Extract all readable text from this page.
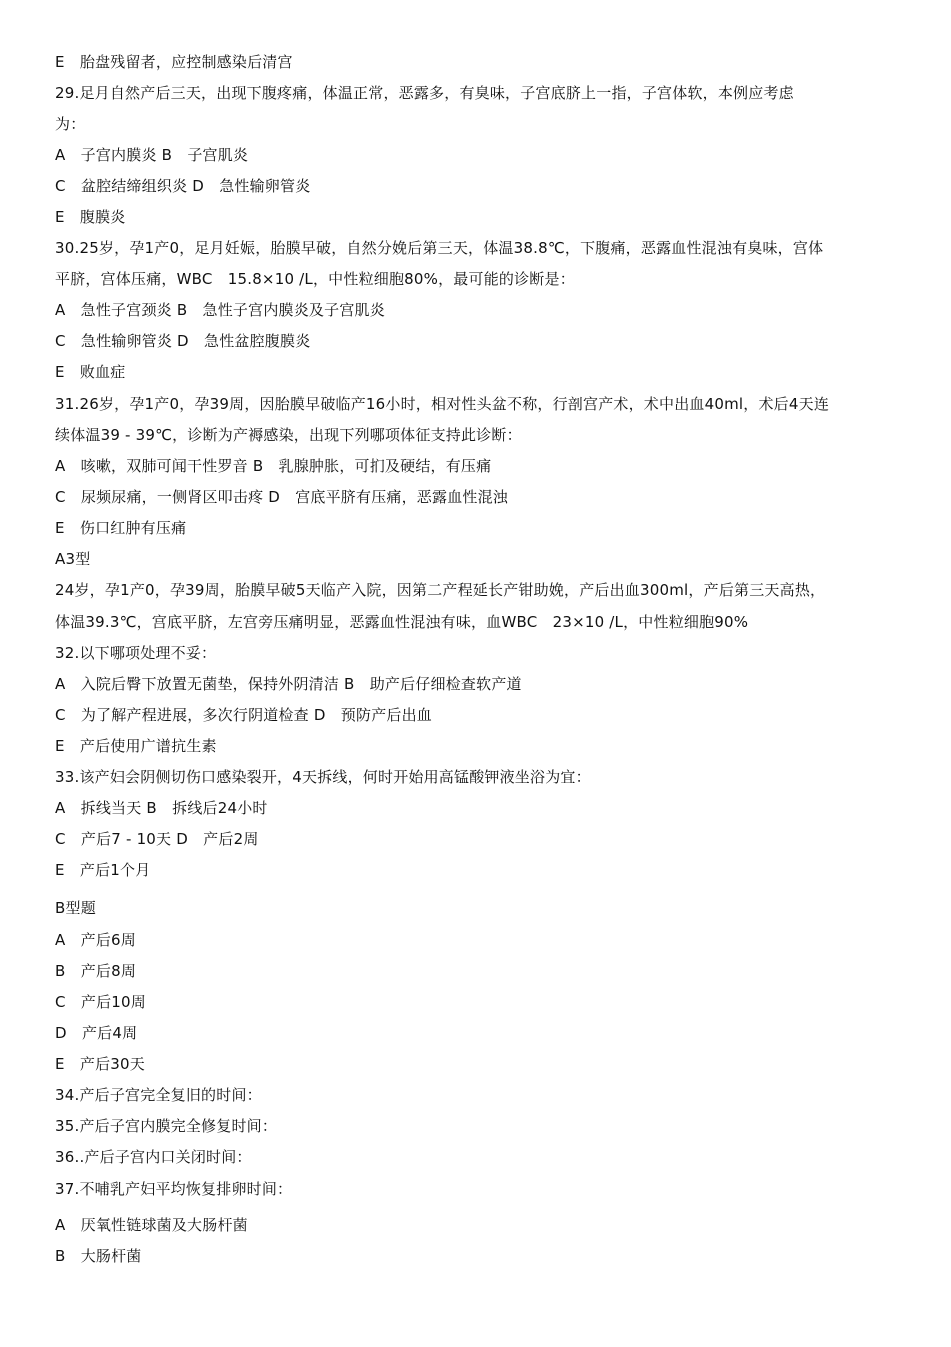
E　胎盘残留者，应控制感染后清宫
29.足月自然产后三天，出现下腹疼痛，体温正常，恶露多，有臭味，子宫底脐上一指，子宫体软，本例应考虑
为：
A　子宫内膜炎 B　子宫肌炎
C　盆腔结缔组织炎 D　急性输卵管炎
E　腹膜炎
30.25岁，孕1产0，足月妊娠，胎膜早破，自然分娩后第三天，体温38.8℃，下腹痛，恶露血性混浊有臭味，宫体
平脐，宫体压痛，WBC　15.8×10 /L，中性粒细胞80%，最可能的诊断是：
A　急性子宫颈炎 B　急性子宫内膜炎及子宫肌炎
C　急性输卵管炎 D　急性盆腔腹膜炎
E　败血症
31.26岁，孕1产0，孕39周，因胎膜早破临产16小时，相对性头盆不称，行剖宫产术，术中出血40ml，术后4天连
续体温39 - 39℃，诊断为产褥感染，出现下列哪项体征支持此诊断：
A　咳嗽，双肺可闻干性罗音 B　乳腺肿胀，可扪及硬结，有压痛
C　尿频尿痛，一侧肾区叩击疼 D　宫底平脐有压痛，恶露血性混浊
E　伤口红肿有压痛
A3型
24岁，孕1产0，孕39周，胎膜早破5天临产入院，因第二产程延长产钳助娩，产后出血300ml，产后第三天高热，
体温39.3℃，宫底平脐，左宫旁压痛明显，恶露血性混浊有味，血WBC　23×10 /L，中性粒细胞90%
32.以下哪项处理不妥：
A　入院后臀下放置无菌垫，保持外阴清洁 B　助产后仔细检查软产道
C　为了解产程进展，多次行阴道检查 D　预防产后出血
E　产后使用广谱抗生素
33.该产妇会阴侧切伤口感染裂开，4天拆线，何时开始用高锰酸钾液坐浴为宜：
A　拆线当天 B　拆线后24小时
C　产后7 - 10天 D　产后2周
E　产后1个月
B型题
A　产后6周
B　产后8周
C　产后10周
D　产后4周
E　产后30天
34.产后子宫完全复旧的时间：
35.产后子宫内膜完全修复时间：
36..产后子宫内口关闭时间：
37.不哺乳产妇平均恢复排卵时间：
A　厌氧性链球菌及大肠杆菌
B　大肠杆菌
